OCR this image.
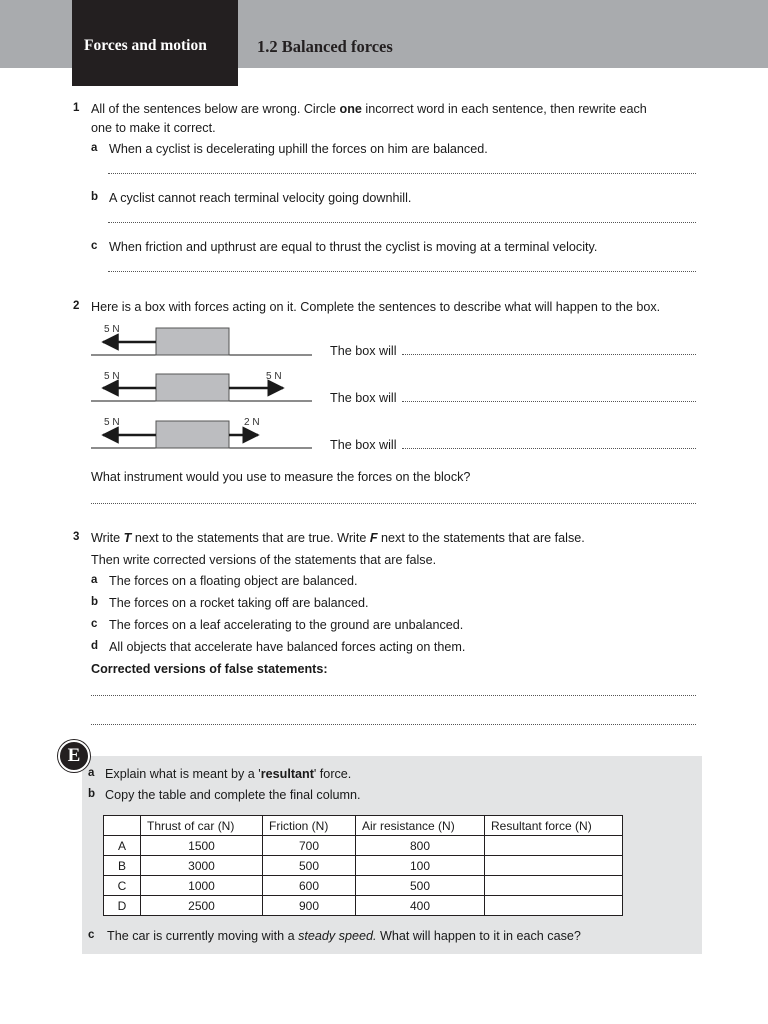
Forces and motion	1.2 Balanced forces
1 All of the sentences below are wrong. Circle one incorrect word in each sentence, then rewrite each
one to make it correct.
a When a cyclist is decelerating uphill the forces on him are balanced.
b A cyclist cannot reach terminal velocity going downhill.
c When friction and upthrust are equal to thrust the cyclist is moving at a terminal velocity.
2 Here is a box with forces acting on it. Complete the sentences to describe what will happen to the box.
5 N
5 N	5 N
5 N	2 N
The box will
The box will
The box will
What instrument would you use to measure the forces on the block?
3 Write T next to the statements that are true. Write F next to the statements that are false.
Then write corrected versions of the statements that are false.
a The forces on a floating object are balanced.
b The forces on a rocket taking off are balanced.
c The forces on a leaf accelerating to the ground are unbalanced.
d All objects that accelerate have balanced forces acting on them.
Corrected versions of false statements:
E
a Explain what is meant by a 'resultant' force.
b Copy the table and complete the final column.
	Thrust of car (N)	Friction (N)	Air resistance (N)	Resultant force (N)
A	1500	700	800	
B	3000	500	100	
C	1000	600	500	
D	2500	900	400	
c The car is currently moving with a steady speed. What will happen to it in each case?
